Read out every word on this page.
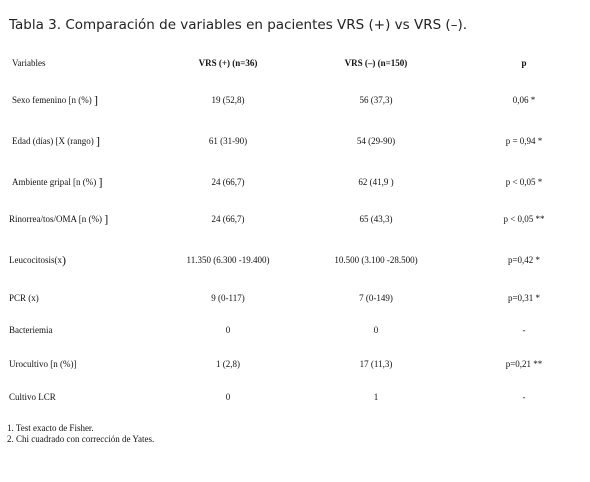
Tabla 3. Comparación de variables en pacientes VRS (+) vs VRS (–).
Variables	VRS (+) (n=36)	VRS (–) (n=150)	p
Sexo femenino [n (%) ]	19 (52,8)	56 (37,3)	0,06 *
Edad (días) [X (rango) ]	61 (31-90)	54 (29-90)	p = 0,94 *
Ambiente gripal [n (%) ]	24 (66,7)	62 (41,9 )	p < 0,05 *
Rinorrea/tos/OMA [n (%) ]	24 (66,7)	65 (43,3)	p < 0,05 **
Leucocitosis(x)	11.350 (6.300 -19.400)	10.500 (3.100 -28.500)	p=0,42 *
PCR (x)	9 (0-117)	7 (0-149)	p=0,31 *
Bacteriemia	0	0	-
Urocultivo [n (%)]	1 (2,8)	17 (11,3)	p=0,21 **
Cultivo LCR	0	1	-
1. Test exacto de Fisher.
2. Chi cuadrado con corrección de Yates.
